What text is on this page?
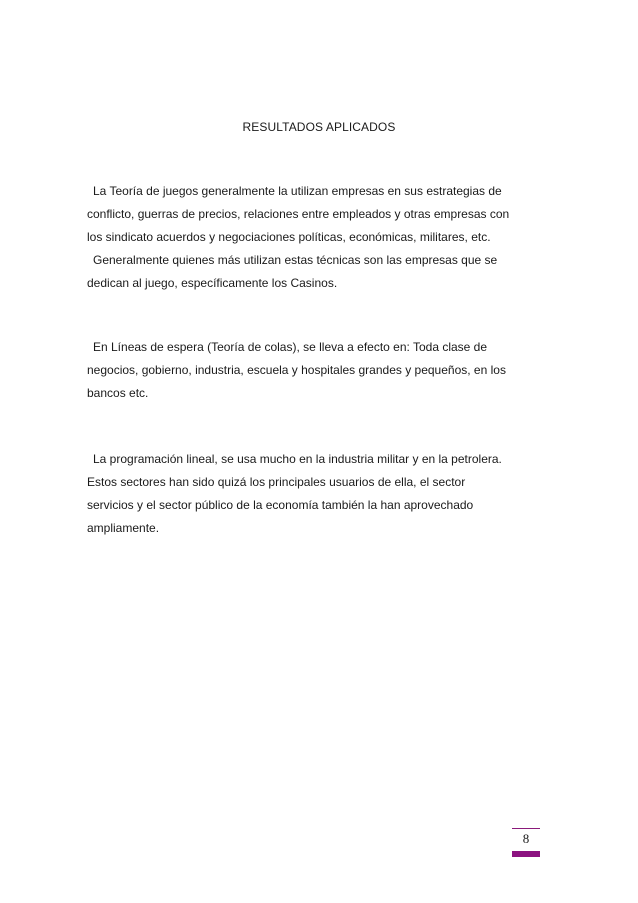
RESULTADOS APLICADOS
La Teoría de juegos generalmente la utilizan empresas en sus estrategias de
conflicto, guerras de precios, relaciones entre empleados y otras empresas con
los sindicato acuerdos y negociaciones políticas, económicas, militares, etc.
Generalmente quienes más utilizan estas técnicas son las empresas que se
dedican al juego, específicamente los Casinos.
En Líneas de espera (Teoría de colas), se lleva a efecto en: Toda clase de
negocios, gobierno, industria, escuela y hospitales grandes y pequeños, en los
bancos etc.
La programación lineal, se usa mucho en la industria militar y en la petrolera.
Estos sectores han sido quizá los principales usuarios de ella, el sector
servicios y el sector público de la economía también la han aprovechado
ampliamente.
8
